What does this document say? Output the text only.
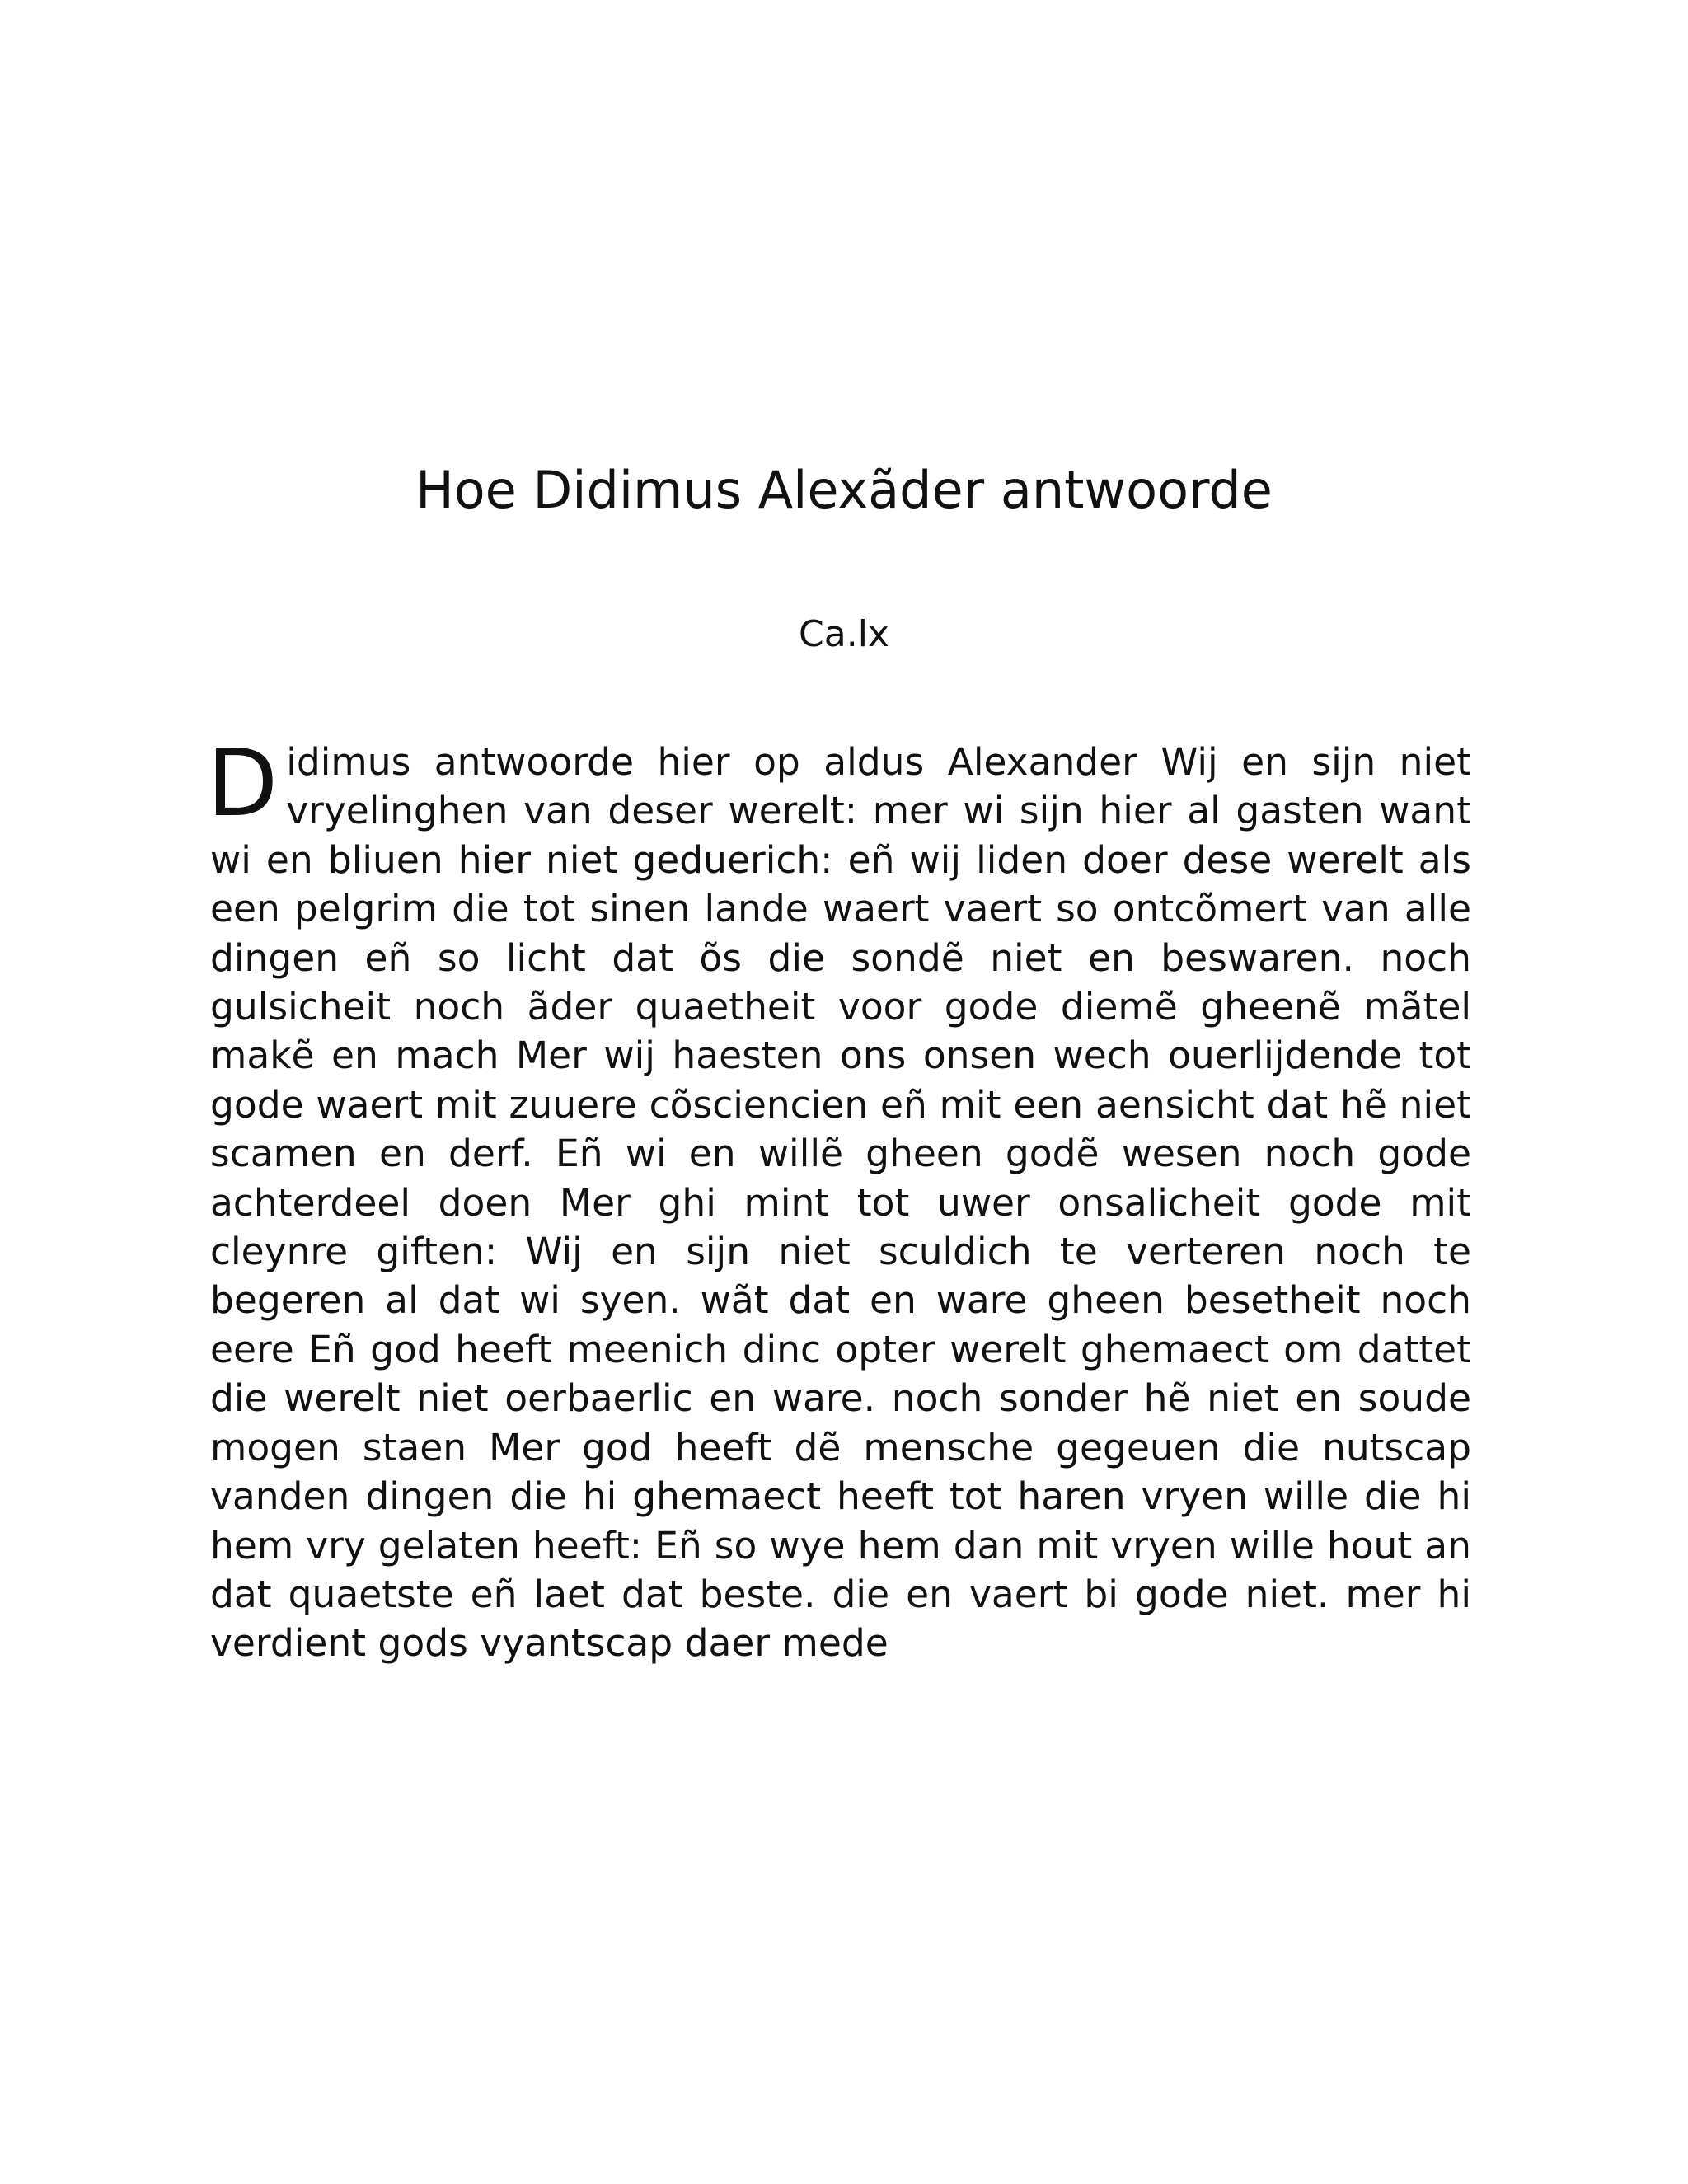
Hoe Didimus Alexãder antwoorde
Ca.lx

Didimus antwoorde hier op aldus Alexander Wij en sijn niet vryelinghen van deser werelt: mer wi sijn hier al gasten want wi en bliuen hier niet geduerich: eñ wij liden doer dese werelt als een pelgrim die tot sinen lande waert vaert so ontcõmert van alle dingen eñ so licht dat õs die sondẽ niet en beswaren. noch gulsicheit noch ãder quaetheit voor gode diemẽ gheenẽ mãtel makẽ en mach Mer wij haesten ons onsen wech ouerlijdende tot gode waert mit zuuere cõsciencien eñ mit een aensicht dat hẽ niet scamen en derf. Eñ wi en willẽ gheen godẽ wesen noch gode achterdeel doen Mer ghi mint tot uwer onsalicheit gode mit cleynre giften: Wij en sijn niet sculdich te verteren noch te begeren al dat wi syen. wãt dat en ware gheen besetheit noch eere Eñ god heeft meenich dinc opter werelt ghemaect om dattet die werelt niet oerbaerlic en ware. noch sonder hẽ niet en soude mogen staen Mer god heeft dẽ mensche gegeuen die nutscap vanden dingen die hi ghemaect heeft tot haren vryen wille die hi hem vry gelaten heeft: Eñ so wye hem dan mit vryen wille hout an dat quaetste eñ laet dat beste. die en vaert bi gode niet. mer hi verdient gods vyantscap daer mede
